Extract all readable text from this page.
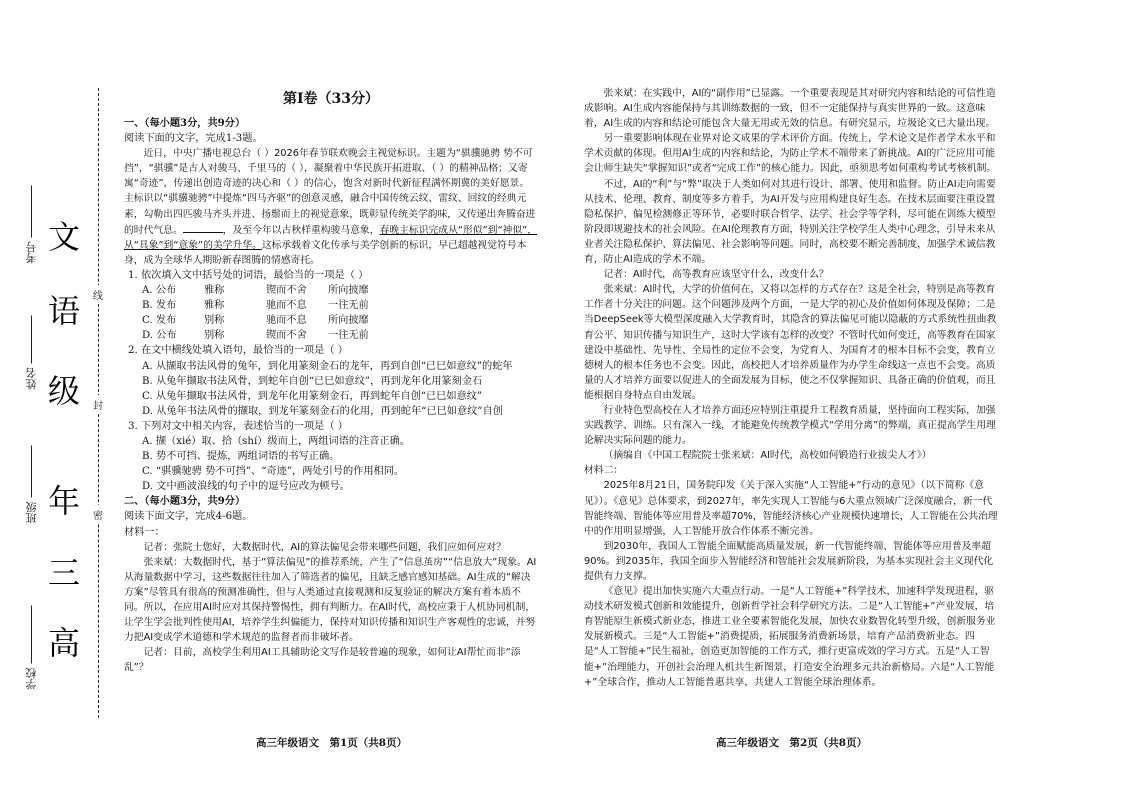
学校
班级
姓名
考号
密
封
线
高
三
年
级
语
文
第Ⅰ卷（33分）

一、（每小题3分，共9分）

阅读下面的文字，完成1-3题。

近日，中央广播电视总台（ ）2026年春节联欢晚会主视觉标识。主题为“骐骥驰骋 势不可挡”，“骐骥”是古人对骏马、千里马的（ ），凝聚着中华民族开拓进取、（ ）的精神品格；又寄寓“奇迹”，传递出创造奇迹的决心和（ ）的信心，饱含对新时代新征程满怀期冀的美好愿景。主标识以“骐骥驰骋”中提炼“四马齐驱”的创意灵感，融合中国传统云纹、雷纹、回纹的经典元素，勾勒出四匹骏马齐头并进、扬鬃而上的视觉意象，既彰显传统美学韵味，又传递出奔腾奋进的时代气息。	，及至今年以古秋样重构骏马意象，春晚主标识完成从“形似”到“神似”，从“具象”到“意象”的美学升华。这标承载着文化传承与美学创新的标识，早已超越视觉符号本身，成为全球华人期盼新春图腾的情感寄托。

1. 依次填入文中括号处的词语，最恰当的一项是（ ）

A. 公布	雅称	锲而不舍 所向披靡

B. 发布	雅称	驰而不息 一往无前

C. 发布	别称	驰而不息 所向披靡

D. 公布	别称	锲而不舍 一往无前

2. 在文中横线处填入语句，最恰当的一项是（ ）

A. 从撷取书法风骨的兔年，到化用篆刻金石的龙年，再到自创“已巳如意纹”的蛇年

B. 从兔年撷取书法风骨，到蛇年自创“已巳如意纹”，再到龙年化用篆刻金石

C. 从兔年撷取书法风骨，到龙年化用篆刻金石，再到蛇年自创“已巳如意纹”

D. 从兔年书法风骨的撷取，到龙年篆刻金石的化用，再到蛇年“已巳如意纹”自创

3. 下列对文中相关内容，表述恰当的一项是（ ）

A. 撷（xié）取、拾（shí）级而上，两组词语的注音正确。

B. 势不可挡、提炼，两组词语的书写正确。

C. “骐骥驰骋 势不可挡”、“奇迹”，两处引号的作用相同。

D. 文中画波浪线的句子中的逗号应改为顿号。

二、（每小题3分，共9分）

阅读下面文字，完成4-6题。

材料一：

记者：张院士您好，大数据时代，AI的算法偏见会带来哪些问题，我们应如何应对？

张来斌：大数据时代，基于“算法偏见”的推荐系统，产生了“信息茧房”“信息放大”现象。AI从海量数据中学习，这些数据往往加入了筛选者的偏见，且缺乏感官感知基础。AI生成的“解决方案”尽管具有很高的预测准确性，但与人类通过直接观测和反复验证的解决方案有着本质不同。所以，在应用AI时应对其保持警惕性，拥有判断力。在AI时代，高校应秉于人机协同机制，让学生学会批判性使用AI，培养学生纠偏能力，保持对知识传播和知识生产客观性的忠诚，并努力把AI变成学术道德和学术规范的监督者而非破坏者。

记者：目前，高校学生利用AI工具辅助论文写作是较普遍的现象，如何让AI帮忙而非“添乱”？

张来斌：在实践中，AI的“副作用”已显露。一个重要表现是其对研究内容和结论的可信性造成影响。AI生成内容能保持与其训练数据的一致，但不一定能保持与真实世界的一致。这意味着，AI生成的内容和结论可能包含大量无用或无效的信息。有研究显示，垃圾论文已大量出现。

另一重要影响体现在业界对论文成果的学术评价方面。传统上，学术论文是作者学术水平和学术贡献的体现。但用AI生成的内容和结论，为防止学术不端带来了新挑战。AI的广泛应用可能会让师生缺失“掌握知识”或者“完成工作”的核心能力。因此，亟须思考如何重构考试考核机制。

不过，AI的“利”与“弊”取决于人类如何对其进行设计、部署、使用和监督。防止AI走向需要从技术、伦理、教育、制度等多方着手，为AI开发与应用构建良好生态。在技术层面要注重设置隐私保护、偏见检测修正等环节，必要时联合哲学、法学、社会学等学科，尽可能在训练大模型阶段即规避技术的社会风险。在AI伦理教育方面，特别关注学校学生人类中心理念，引导未来从业者关注隐私保护、算法偏见、社会影响等问题。同时，高校要不断完善制度，加强学术诚信教育，防止AI造成的学术不端。

记者：AI时代，高等教育应该坚守什么，改变什么？

张来斌：AI时代，大学的价值何在，又将以怎样的方式存在？这是全社会，特别是高等教育工作者十分关注的问题。这个问题涉及两个方面，一是大学的初心及价值如何体现及保障；二是当DeepSeek等大模型深度融入大学教育时，其隐含的算法偏见可能以隐蔽的方式系统性扭曲教育公平、知识传播与知识生产，这时大学该有怎样的改变？不管时代如何变迁，高等教育在国家建设中基础性、先导性、全局性的定位不会变，为党育人、为国育才的根本目标不会变，教育立德树人的根本任务也不会变。因此，高校把人才培养质量作为办学生命线这一点也不会变。高质量的人才培养方面要以促进人的全面发展为目标，使之不仅掌握知识、具备正确的价值观，而且能根据自身特点自由发展。

行业特色型高校在人才培养方面还应特别注重提升工程教育质量，坚持面向工程实际，加强实践教学、训练。只有深入一线，才能避免传统教学模式“学用分离”的弊端，真正提高学生用理论解决实际问题的能力。

（摘编自《中国工程院院士张来斌：AI时代，高校如何锻造行业拔尖人才》）

材料二：

2025年8月21日，国务院印发《关于深入实施“人工智能+”行动的意见》（以下简称《意见》）。《意见》总体要求，到2027年，率先实现人工智能与6大重点领域广泛深度融合，新一代智能终端、智能体等应用普及率超70%，智能经济核心产业规模快速增长，人工智能在公共治理中的作用明显增强，人工智能开放合作体系不断完善。

到2030年，我国人工智能全面赋能高质量发展，新一代智能终端、智能体等应用普及率超90%。到2035年，我国全面步入智能经济和智能社会发展新阶段，为基本实现社会主义现代化提供有力支撑。

《意见》提出加快实施六大重点行动。一是“人工智能+”科学技术，加速科学发现进程，驱动技术研发模式创新和效能提升，创新哲学社会科学研究方法。二是“人工智能+”产业发展，培育智能原生新模式新业态，推进工业全要素智能化发展，加快农业数智化转型升级，创新服务业发展新模式。三是“人工智能+”消费提质，拓展服务消费新场景，培育产品消费新业态。四是“人工智能+”民生福祉，创造更加智能的工作方式，推行更富成效的学习方式。五是“人工智能+”治理能力，开创社会治理人机共生新图景，打造安全治理多元共治新格局。六是“人工智能+”全球合作，推动人工智能普惠共享，共建人工智能全球治理体系。

高三年级语文　第1页（共8页）	高三年级语文　第2页（共8页）
